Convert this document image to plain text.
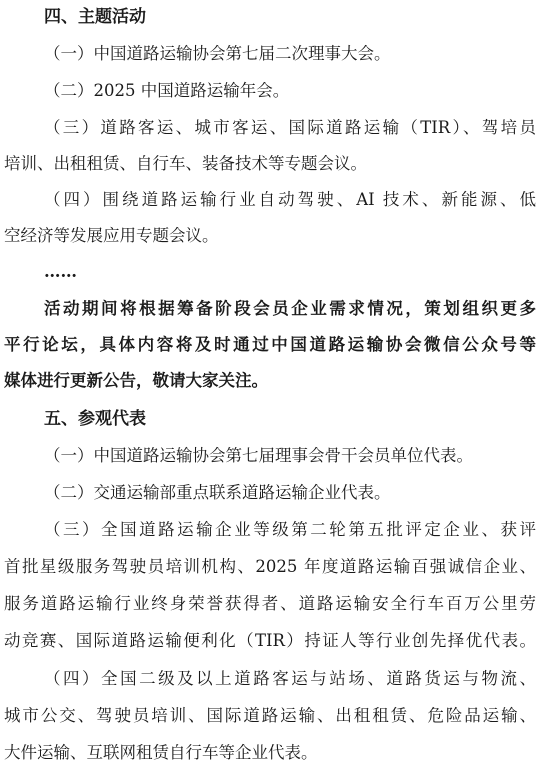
四、主题活动
（一）中国道路运输协会第七届二次理事大会。
（二）2025 中国道路运输年会。
（三）道路客运、城市客运、国际道路运输（TIR）、驾培员
培训、出租租赁、自行车、装备技术等专题会议。
（四）围绕道路运输行业自动驾驶、AI 技术、新能源、低
空经济等发展应用专题会议。
……
活动期间将根据筹备阶段会员企业需求情况，策划组织更多
平行论坛，具体内容将及时通过中国道路运输协会微信公众号等
媒体进行更新公告，敬请大家关注。
五、参观代表
（一）中国道路运输协会第七届理事会骨干会员单位代表。
（二）交通运输部重点联系道路运输企业代表。
（三）全国道路运输企业等级第二轮第五批评定企业、获评
首批星级服务驾驶员培训机构、2025 年度道路运输百强诚信企业、
服务道路运输行业终身荣誉获得者、道路运输安全行车百万公里劳
动竞赛、国际道路运输便利化（TIR）持证人等行业创先择优代表。
（四）全国二级及以上道路客运与站场、道路货运与物流、
城市公交、驾驶员培训、国际道路运输、出租租赁、危险品运输、
大件运输、互联网租赁自行车等企业代表。
